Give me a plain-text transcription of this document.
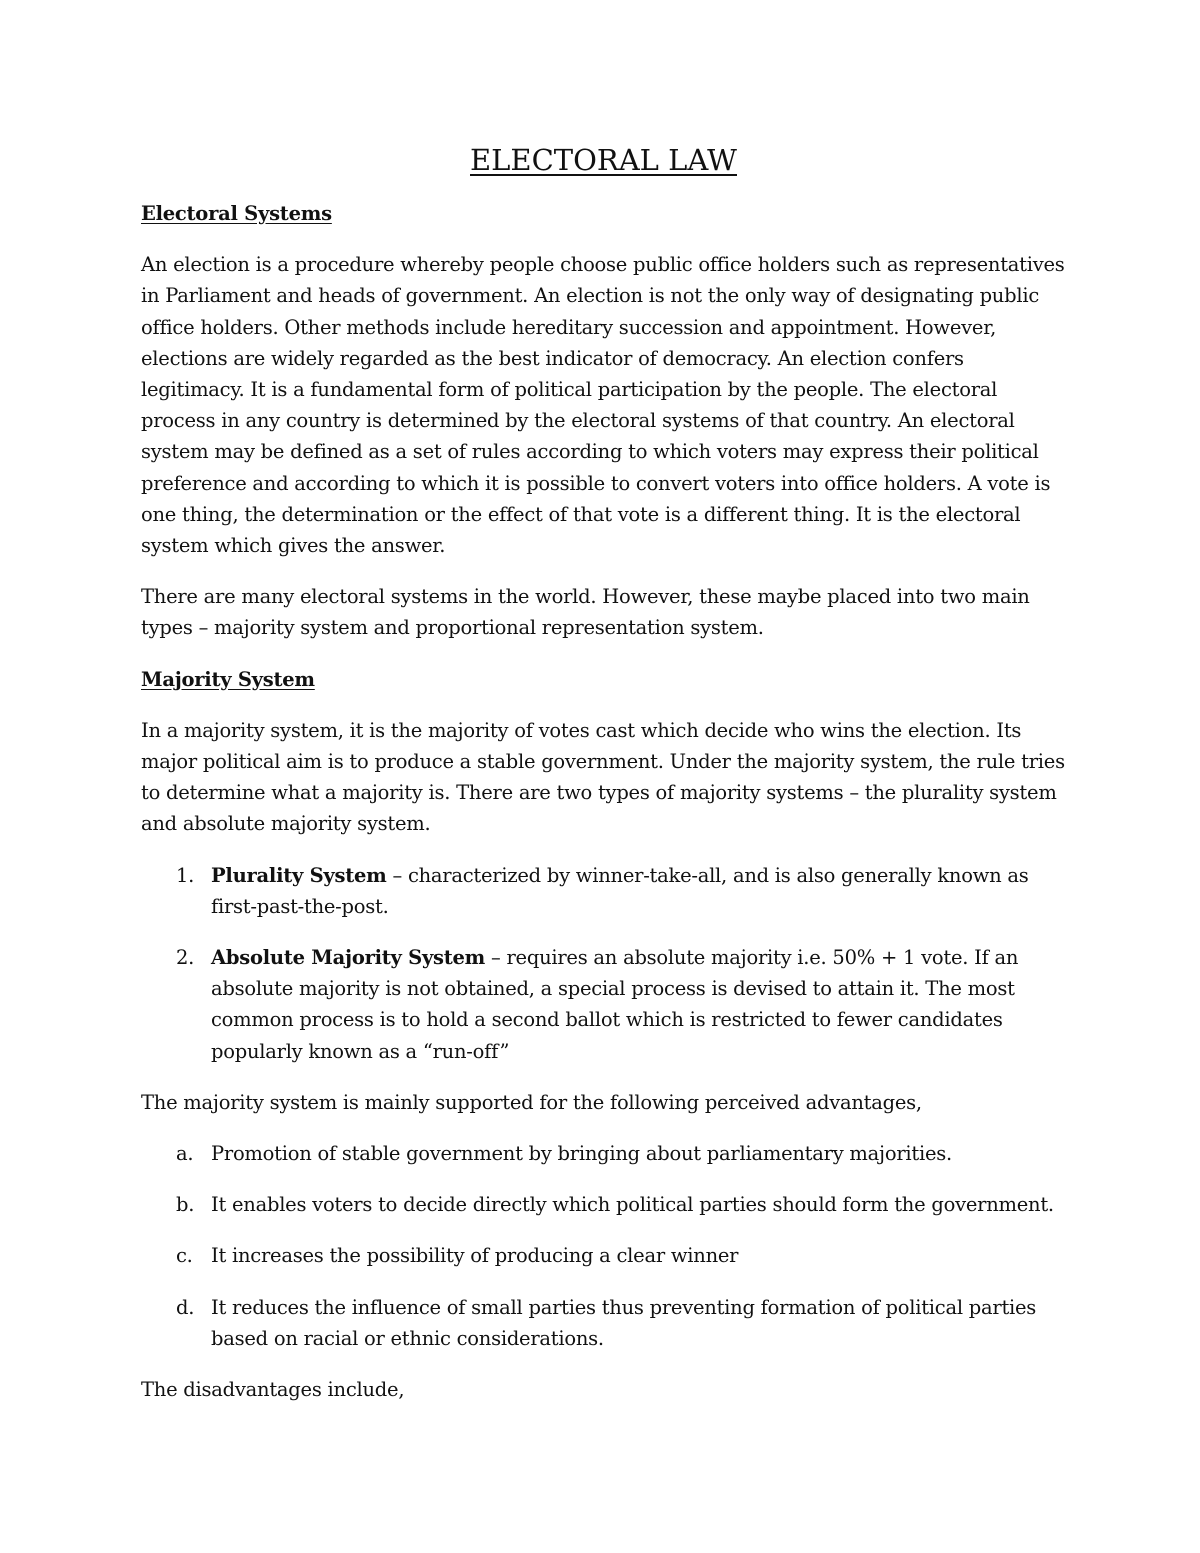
ELECTORAL LAW
Electoral Systems

An election is a procedure whereby people choose public office holders such as representatives in Parliament and heads of government. An election is not the only way of designating public office holders. Other methods include hereditary succession and appointment. However, elections are widely regarded as the best indicator of democracy. An election confers legitimacy. It is a fundamental form of political participation by the people. The electoral process in any country is determined by the electoral systems of that country. An electoral system may be defined as a set of rules according to which voters may express their political preference and according to which it is possible to convert voters into office holders. A vote is one thing, the determination or the effect of that vote is a different thing. It is the electoral system which gives the answer.

There are many electoral systems in the world. However, these maybe placed into two main types – majority system and proportional representation system.

Majority System

In a majority system, it is the majority of votes cast which decide who wins the election. Its major political aim is to produce a stable government. Under the majority system, the rule tries to determine what a majority is. There are two types of majority systems – the plurality system and absolute majority system.

1. Plurality System – characterized by winner-take-all, and is also generally known as first-past-the-post.
2. Absolute Majority System – requires an absolute majority i.e. 50% + 1 vote. If an absolute majority is not obtained, a special process is devised to attain it. The most common process is to hold a second ballot which is restricted to fewer candidates popularly known as a “run-off”

The majority system is mainly supported for the following perceived advantages,

a. Promotion of stable government by bringing about parliamentary majorities.
b. It enables voters to decide directly which political parties should form the government.
c. It increases the possibility of producing a clear winner
d. It reduces the influence of small parties thus preventing formation of political parties based on racial or ethnic considerations.

The disadvantages include,
